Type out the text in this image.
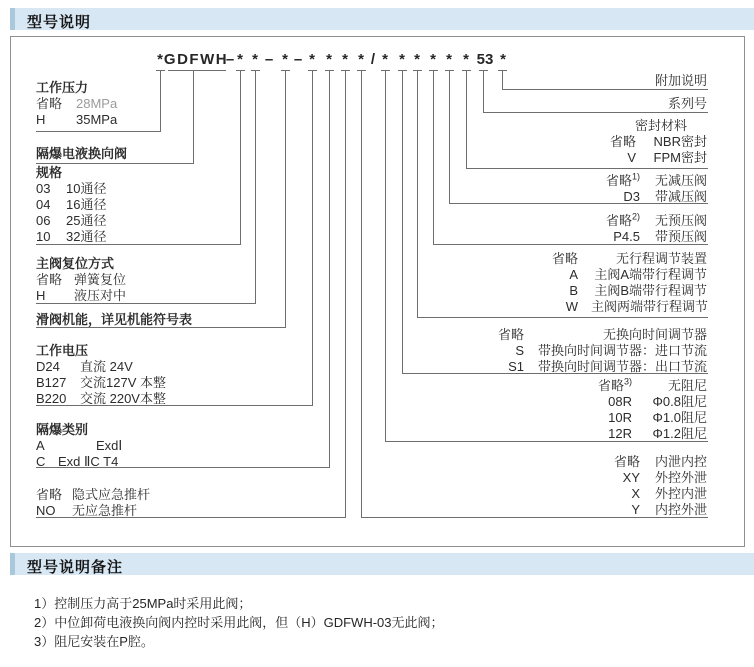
型号说明
* GDFWH
– * * – * – * * * * / * * * * * * 53 *
工作压力
省略	28MPa
H	35MPa
隔爆电液换向阀
规格
03	10通径
04	16通径
06	25通径
10	32通径
主阀复位方式
省略 弹簧复位
H	液压对中
滑阀机能，详见机能符号表
工作电压
D24	直流 24V
B127	交流127V 本整
B220	交流 220V本整
隔爆类别
A	ExdⅠ
C Exd ⅡC T4
省略 隐式应急推杆
NO	无应急推杆
附加说明
系列号
密封材料
省略	NBR密封
V	FPM密封
省略$^{1)}$ 无减压阀
D3 带减压阀
省略$^{2)}$ 无预压阀
P4.5 带预压阀
省略	无行程调节装置
A 主阀A端带行程调节
B 主阀B端带行程调节
W 主阀两端带行程调节
省略	无换向时间调节器
S 带换向时间调节器：进口节流
S1 带换向时间调节器：出口节流
省略$^{3)}$	无阻尼
08R	Φ0.8阻尼
10R	Φ1.0阻尼
12R	Φ1.2阻尼
省略 内泄内控
XY 外控外泄
X 外控内泄
Y 内控外泄
型号说明备注
1）控制压力高于25MPa时采用此阀；
2）中位卸荷电液换向阀内控时采用此阀，但（H）GDFWH-03无此阀；
3）阻尼安装在P腔。
